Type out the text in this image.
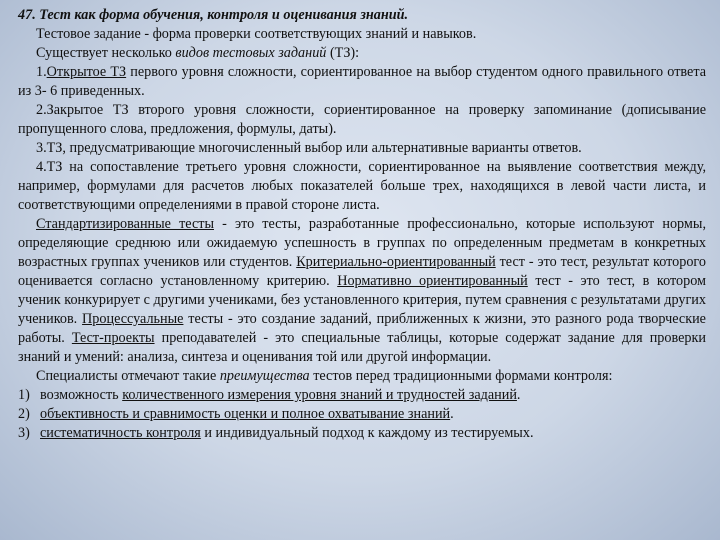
47. Тест как форма обучения, контроля и оценивания знаний.

Тестовое задание - форма проверки соответствующих знаний и навыков.

Существует несколько видов тестовых заданий (ТЗ):

1.Открытое ТЗ первого уровня сложности, сориентированное на выбор студентом одного правильного ответа из 3- 6 приведенных.

2.Закрытое ТЗ второго уровня сложности, сориентированное на проверку запоминание (дописывание пропущенного слова, предложения, формулы, даты).

3.ТЗ, предусматривающие многочисленный выбор или альтернативные варианты ответов.

4.ТЗ на сопоставление третьего уровня сложности, сориентированное на выявление соответствия между, например, формулами для расчетов любых показателей больше трех, находящихся в левой части листа, и соответствующими определениями в правой стороне листа.

Стандартизированные тесты - это тесты, разработанные профессионально, которые используют нормы, определяющие среднюю или ожидаемую успешность в группах по определенным предметам в конкретных возрастных группах учеников или студентов. Критериально-ориентированный тест - это тест, результат которого оценивается согласно установленному критерию. Нормативно ориентированный тест - это тест, в котором ученик конкурирует с другими учениками, без установленного критерия, путем сравнения с результатами других учеников. Процессуальные тесты - это создание заданий, приближенных к жизни, это разного рода творческие работы. Тест-проекты преподавателей - это специальные таблицы, которые содержат задание для проверки знаний и умений: анализа, синтеза и оценивания той или другой информации.

Специалисты отмечают такие преимущества тестов перед традиционными формами контроля:

1) возможность количественного измерения уровня знаний и трудностей заданий.
2) объективность и сравнимость оценки и полное охватывание знаний.
3) систематичность контроля и индивидуальный подход к каждому из тестируемых.
